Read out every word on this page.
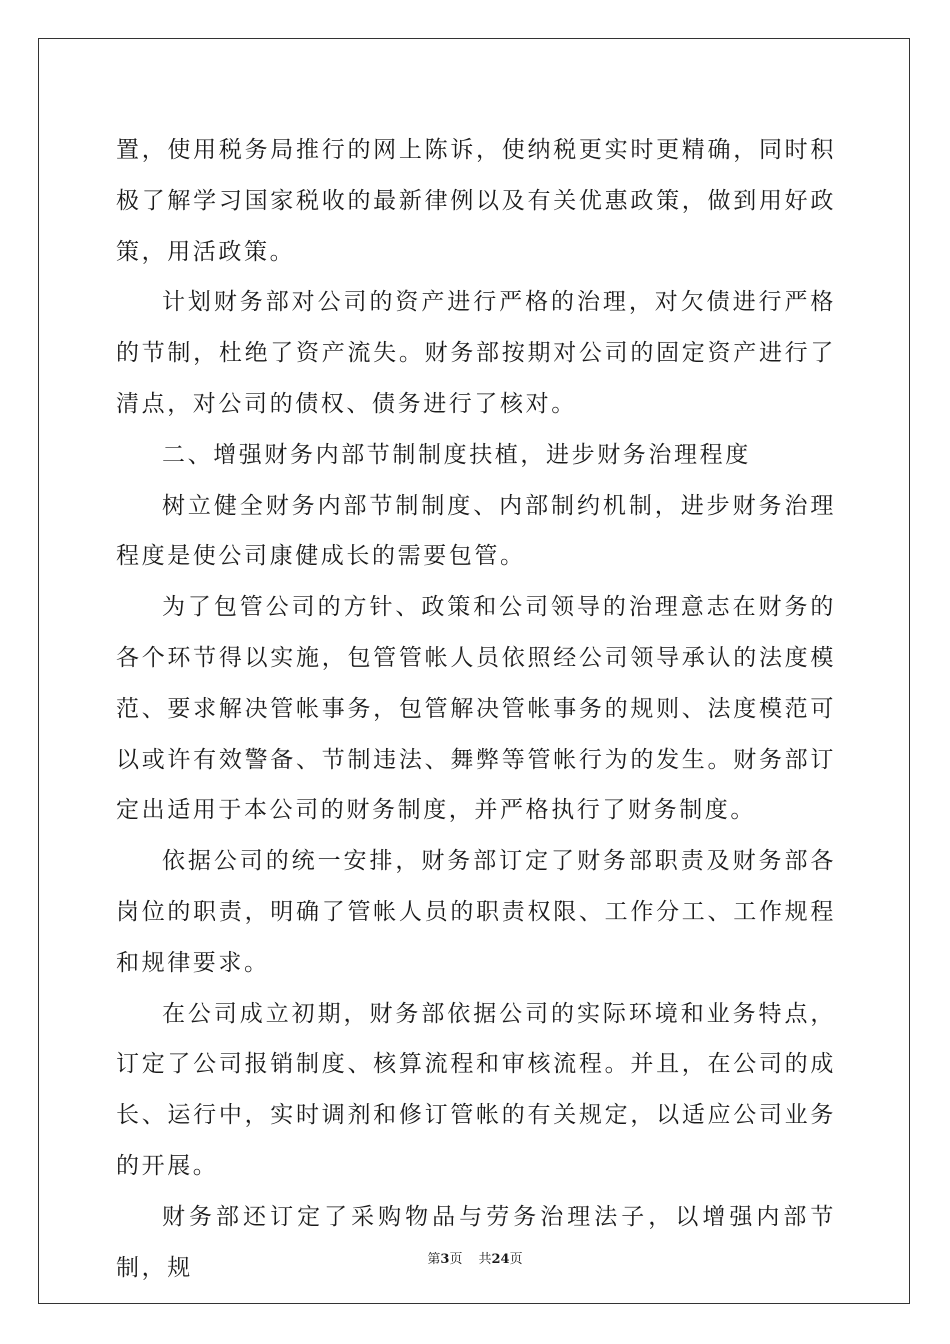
置，使用税务局推行的网上陈诉，使纳税更实时更精确，同时积极了解学习国家税收的最新律例以及有关优惠政策，做到用好政策，用活政策。

计划财务部对公司的资产进行严格的治理，对欠债进行严格的节制，杜绝了资产流失。财务部按期对公司的固定资产进行了清点，对公司的债权、债务进行了核对。

二、增强财务内部节制制度扶植，进步财务治理程度

树立健全财务内部节制制度、内部制约机制，进步财务治理程度是使公司康健成长的需要包管。

为了包管公司的方针、政策和公司领导的治理意志在财务的各个环节得以实施，包管管帐人员依照经公司领导承认的法度模范、要求解决管帐事务，包管解决管帐事务的规则、法度模范可以或许有效警备、节制违法、舞弊等管帐行为的发生。财务部订定出适用于本公司的财务制度，并严格执行了财务制度。

依据公司的统一安排，财务部订定了财务部职责及财务部各岗位的职责，明确了管帐人员的职责权限、工作分工、工作规程和规律要求。

在公司成立初期，财务部依据公司的实际环境和业务特点，订定了公司报销制度、核算流程和审核流程。并且，在公司的成长、运行中，实时调剂和修订管帐的有关规定，以适应公司业务的开展。

财务部还订定了采购物品与劳务治理法子，以增强内部节制，规	第3页 共24页
